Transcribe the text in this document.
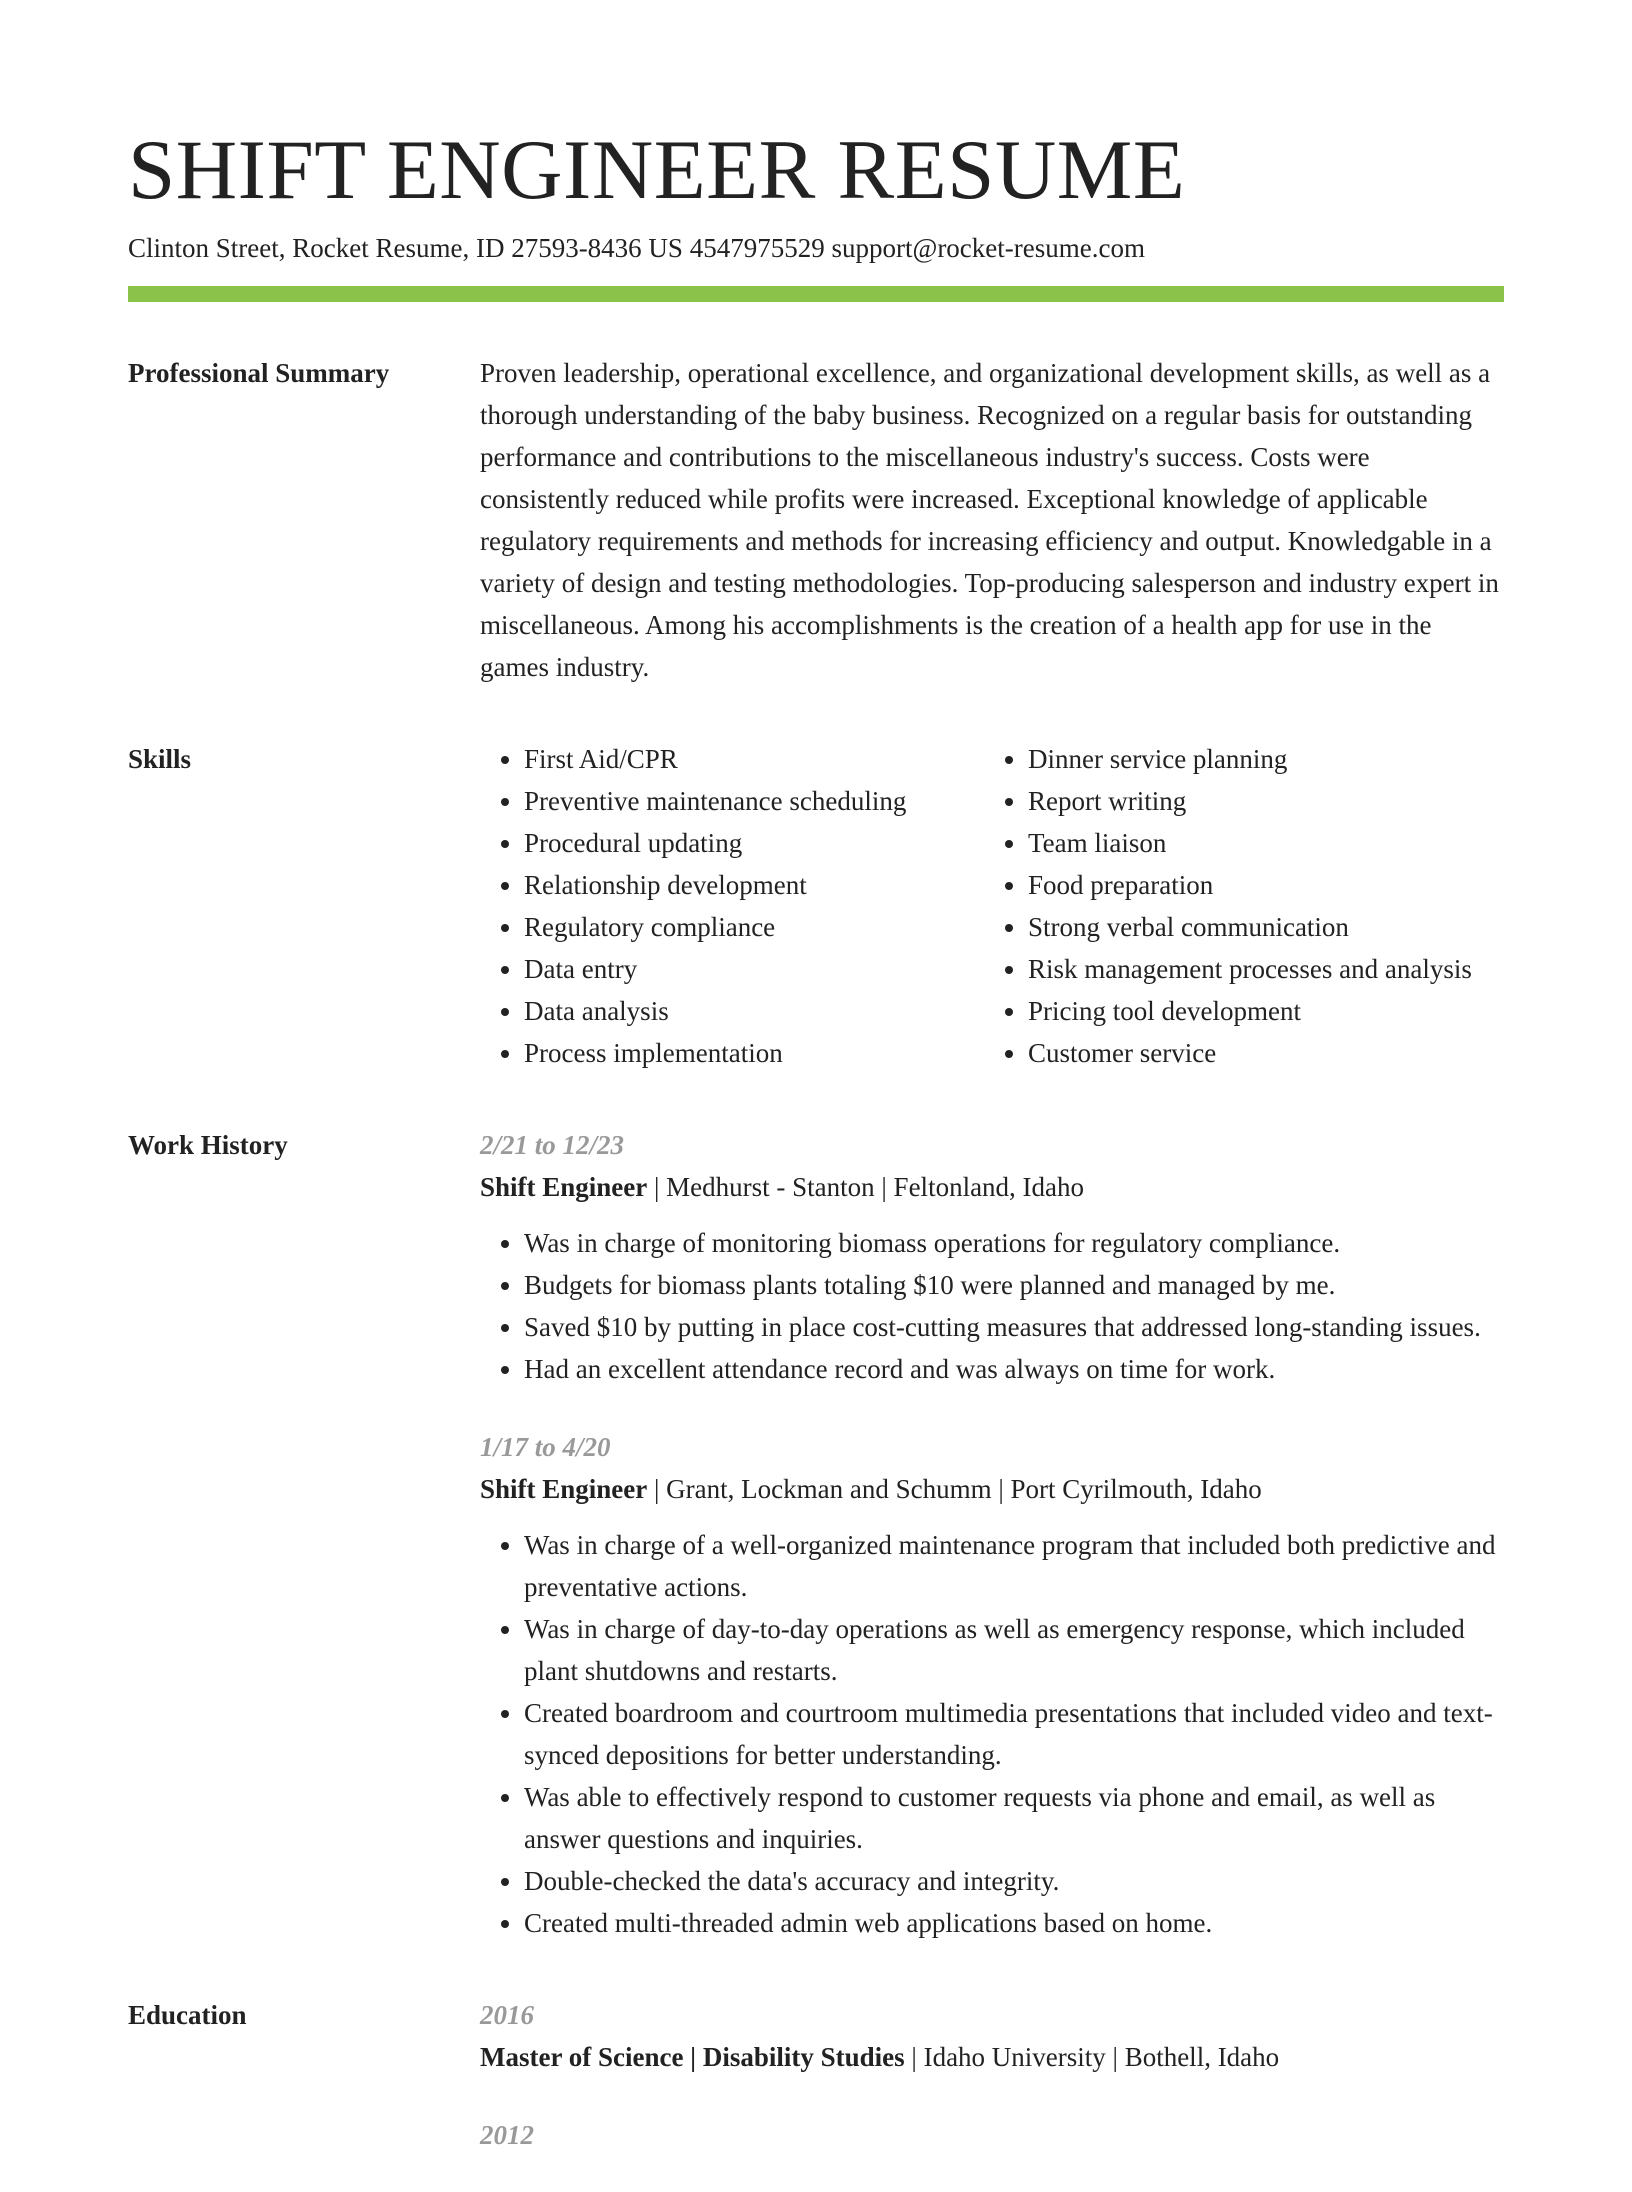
SHIFT ENGINEER RESUME
Clinton Street, Rocket Resume, ID 27593-8436 US 4547975529 support@rocket-resume.com
Professional Summary	Proven leadership, operational excellence, and organizational development skills, as well as a thorough understanding of the baby business. Recognized on a regular basis for outstanding performance and contributions to the miscellaneous industry's success. Costs were consistently reduced while profits were increased. Exceptional knowledge of applicable regulatory requirements and methods for increasing efficiency and output. Knowledgable in a variety of design and testing methodologies. Top-producing salesperson and industry expert in miscellaneous. Among his accomplishments is the creation of a health app for use in the games industry.

Skills
•	First Aid/CPR
• Preventive maintenance scheduling
• Procedural updating
• Relationship development
• Regulatory compliance
• Data entry
• Data analysis
• Process implementation
• Dinner service planning
• Report writing
• Team liaison
• Food preparation
• Strong verbal communication
• Risk management processes and analysis
• Pricing tool development
• Customer service
Work History	2/21 to 12/23
Shift Engineer | Medhurst - Stanton | Feltonland, Idaho
• Was in charge of monitoring biomass operations for regulatory compliance.
• Budgets for biomass plants totaling $10 were planned and managed by me.
• Saved $10 by putting in place cost-cutting measures that addressed long-standing issues.
• Had an excellent attendance record and was always on time for work.
1/17 to 4/20
Shift Engineer | Grant, Lockman and Schumm | Port Cyrilmouth, Idaho
• Was in charge of a well-organized maintenance program that included both predictive and preventative actions.
• Was in charge of day-to-day operations as well as emergency response, which included plant shutdowns and restarts.
• Created boardroom and courtroom multimedia presentations that included video and text-synced depositions for better understanding.
• Was able to effectively respond to customer requests via phone and email, as well as answer questions and inquiries.
• Double-checked the data's accuracy and integrity.
• Created multi-threaded admin web applications based on home.
Education	2016
Master of Science | Disability Studies | Idaho University | Bothell, Idaho
2012
